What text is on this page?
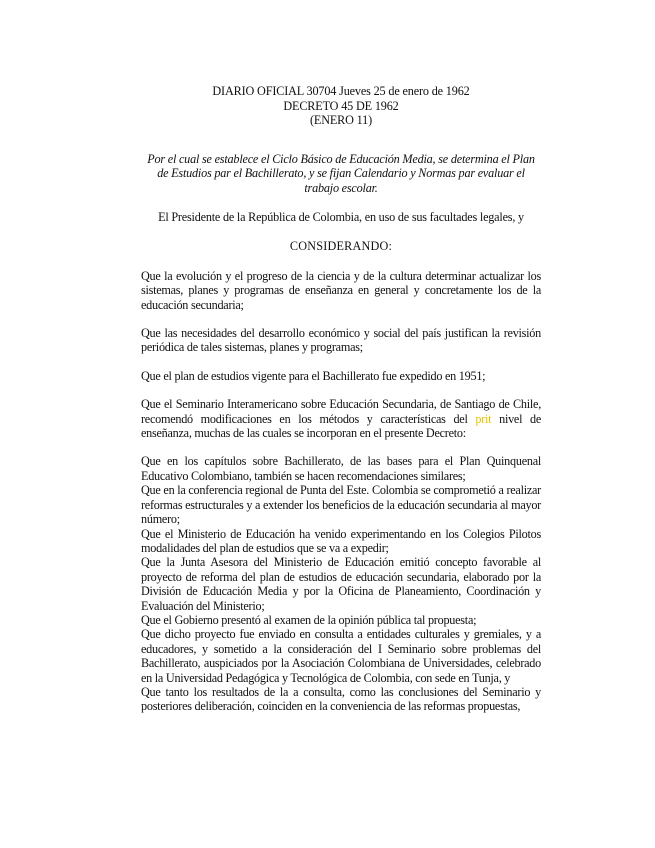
DIARIO OFICIAL 30704 Jueves 25 de enero de 1962
DECRETO 45 DE 1962
(ENERO 11)
Por el cual se establece el Ciclo Básico de Educación Media, se determina el Plan de Estudios par el Bachillerato, y se fijan Calendario y Normas par evaluar el trabajo escolar.
El Presidente de la República de Colombia, en uso de sus facultades legales, y
CONSIDERANDO:

Que la evolución y el progreso de la ciencia y de la cultura determinar actualizar los sistemas, planes y programas de enseñanza en general y concretamente los de la educación secundaria;

Que las necesidades del desarrollo económico y social del país justifican la revisión periódica de tales sistemas, planes y programas;

Que el plan de estudios vigente para el Bachillerato fue expedido en 1951;

Que el Seminario Interamericano sobre Educación Secundaria, de Santiago de Chile, recomendó modificaciones en los métodos y características del prit nivel de enseñanza, muchas de las cuales se incorporan en el presente Decreto:

Que en los capítulos sobre Bachillerato, de las bases para el Plan Quinquenal Educativo Colombiano, también se hacen recomendaciones similares;

Que en la conferencia regional de Punta del Este. Colombia se comprometió a realizar reformas estructurales y a extender los beneficios de la educación secundaria al mayor número;

Que el Ministerio de Educación ha venido experimentando en los Colegios Pilotos modalidades del plan de estudios que se va a expedir;

Que la Junta Asesora del Ministerio de Educación emitió concepto favorable al proyecto de reforma del plan de estudios de educación secundaria, elaborado por la División de Educación Media y por la Oficina de Planeamiento, Coordinación y Evaluación del Ministerio;

Que el Gobierno presentó al examen de la opinión pública tal propuesta;

Que dicho proyecto fue enviado en consulta a entidades culturales y gremiales, y a educadores, y sometido a la consideración del I Seminario sobre problemas del Bachillerato, auspiciados por la Asociación Colombiana de Universidades, celebrado en la Universidad Pedagógica y Tecnológica de Colombia, con sede en Tunja, y

Que tanto los resultados de la a consulta, como las conclusiones del Seminario y posteriores deliberación, coinciden en la conveniencia de las reformas propuestas,
